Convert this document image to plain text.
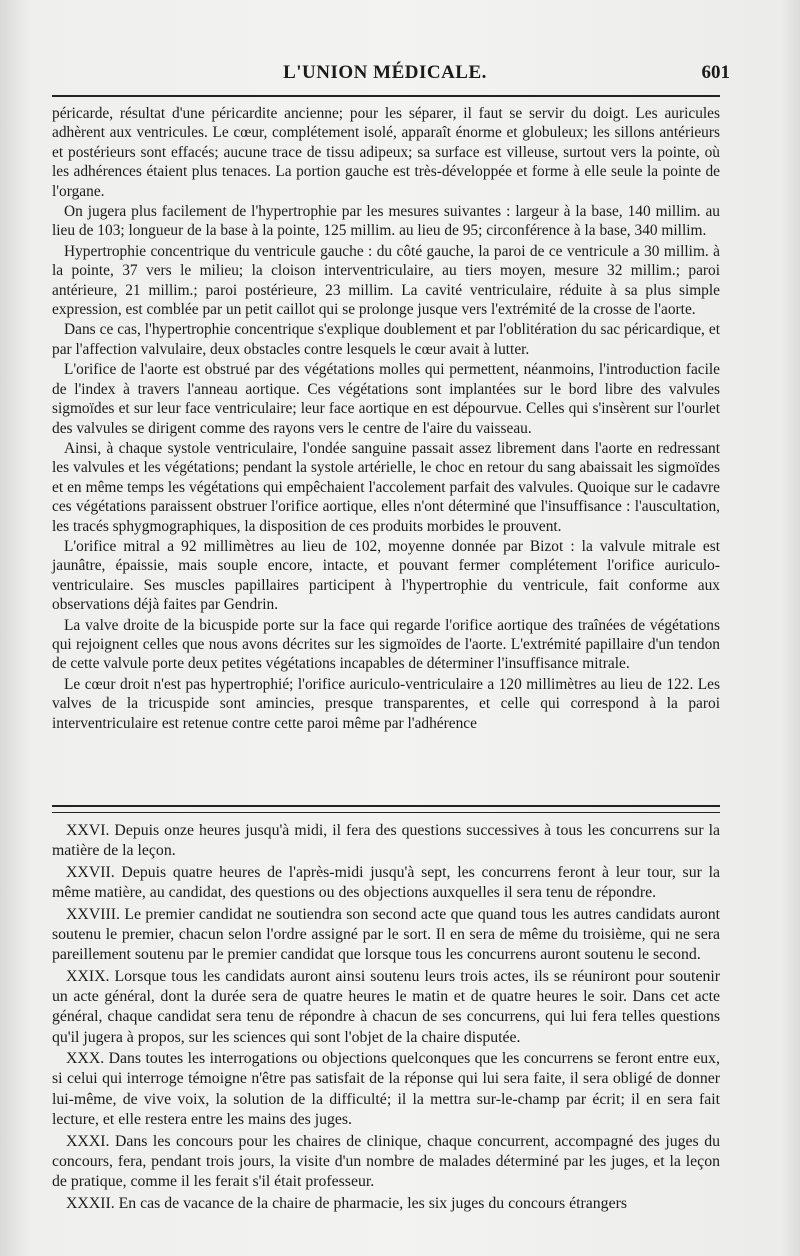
L'UNION MÉDICALE.	601

péricarde, résultat d'une péricardite ancienne; pour les séparer, il faut se servir du doigt. Les auricules adhèrent aux ventricules. Le cœur, complétement isolé, apparaît énorme et globuleux; les sillons antérieurs et postérieurs sont effacés; aucune trace de tissu adipeux; sa surface est villeuse, surtout vers la pointe, où les adhérences étaient plus tenaces. La portion gauche est très-développée et forme à elle seule la pointe de l'organe.

On jugera plus facilement de l'hypertrophie par les mesures suivantes : largeur à la base, 140 millim. au lieu de 103; longueur de la base à la pointe, 125 millim. au lieu de 95; circonférence à la base, 340 millim.

Hypertrophie concentrique du ventricule gauche : du côté gauche, la paroi de ce ventricule a 30 millim. à la pointe, 37 vers le milieu; la cloison interventriculaire, au tiers moyen, mesure 32 millim.; paroi antérieure, 21 millim.; paroi postérieure, 23 millim. La cavité ventriculaire, réduite à sa plus simple expression, est comblée par un petit caillot qui se prolonge jusque vers l'extrémité de la crosse de l'aorte.

Dans ce cas, l'hypertrophie concentrique s'explique doublement et par l'oblitération du sac péricardique, et par l'affection valvulaire, deux obstacles contre lesquels le cœur avait à lutter.

L'orifice de l'aorte est obstrué par des végétations molles qui permettent, néanmoins, l'introduction facile de l'index à travers l'anneau aortique. Ces végétations sont implantées sur le bord libre des valvules sigmoïdes et sur leur face ventriculaire; leur face aortique en est dépourvue. Celles qui s'insèrent sur l'ourlet des valvules se dirigent comme des rayons vers le centre de l'aire du vaisseau.

Ainsi, à chaque systole ventriculaire, l'ondée sanguine passait assez librement dans l'aorte en redressant les valvules et les végétations; pendant la systole artérielle, le choc en retour du sang abaissait les sigmoïdes et en même temps les végétations qui empêchaient l'accolement parfait des valvules. Quoique sur le cadavre ces végétations paraissent obstruer l'orifice aortique, elles n'ont déterminé que l'insuffisance : l'auscultation, les tracés sphygmographiques, la disposition de ces produits morbides le prouvent.

L'orifice mitral a 92 millimètres au lieu de 102, moyenne donnée par Bizot : la valvule mitrale est jaunâtre, épaissie, mais souple encore, intacte, et pouvant fermer complétement l'orifice auriculo-ventriculaire. Ses muscles papillaires participent à l'hypertrophie du ventricule, fait conforme aux observations déjà faites par Gendrin.

La valve droite de la bicuspide porte sur la face qui regarde l'orifice aortique des traînées de végétations qui rejoignent celles que nous avons décrites sur les sigmoïdes de l'aorte. L'extrémité papillaire d'un tendon de cette valvule porte deux petites végétations incapables de déterminer l'insuffisance mitrale.

Le cœur droit n'est pas hypertrophié; l'orifice auriculo-ventriculaire a 120 millimètres au lieu de 122. Les valves de la tricuspide sont amincies, presque transparentes, et celle qui correspond à la paroi interventriculaire est retenue contre cette paroi même par l'adhérence

XXVI. Depuis onze heures jusqu'à midi, il fera des questions successives à tous les concurrens sur la matière de la leçon.

XXVII. Depuis quatre heures de l'après-midi jusqu'à sept, les concurrens feront à leur tour, sur la même matière, au candidat, des questions ou des objections auxquelles il sera tenu de répondre.

XXVIII. Le premier candidat ne soutiendra son second acte que quand tous les autres candidats auront soutenu le premier, chacun selon l'ordre assigné par le sort. Il en sera de même du troisième, qui ne sera pareillement soutenu par le premier candidat que lorsque tous les concurrens auront soutenu le second.

XXIX. Lorsque tous les candidats auront ainsi soutenu leurs trois actes, ils se réuniront pour soutenir un acte général, dont la durée sera de quatre heures le matin et de quatre heures le soir. Dans cet acte général, chaque candidat sera tenu de répondre à chacun de ses concurrens, qui lui fera telles questions qu'il jugera à propos, sur les sciences qui sont l'objet de la chaire disputée.

XXX. Dans toutes les interrogations ou objections quelconques que les concurrens se feront entre eux, si celui qui interroge témoigne n'être pas satisfait de la réponse qui lui sera faite, il sera obligé de donner lui-même, de vive voix, la solution de la difficulté; il la mettra sur-le-champ par écrit; il en sera fait lecture, et elle restera entre les mains des juges.

XXXI. Dans les concours pour les chaires de clinique, chaque concurrent, accompagné des juges du concours, fera, pendant trois jours, la visite d'un nombre de malades déterminé par les juges, et la leçon de pratique, comme il les ferait s'il était professeur.

XXXII. En cas de vacance de la chaire de pharmacie, les six juges du concours étrangers
